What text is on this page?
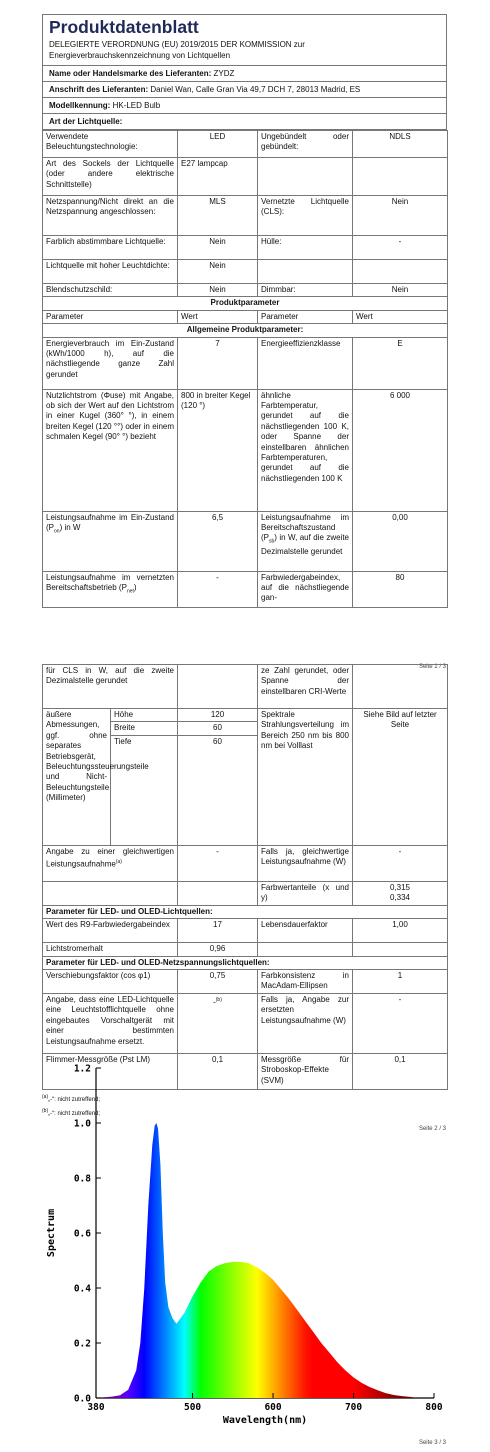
Produktdatenblatt
DELEGIERTE VERORDNUNG (EU) 2019/2015 DER KOMMISSION zur
Energieverbrauchskennzeichnung von Lichtquellen
Name oder Handelsmarke des Lieferanten: ZYDZ
Anschrift des Lieferanten: Daniel Wan, Calle Gran Via 49,7 DCH 7, 28013 Madrid, ES
Modellkennung: HK-LED Bulb
Art der Lichtquelle:
Verwendete Beleuchtungstechnologie:	LED	Ungebündelt oder gebündelt:	NDLS
Art des Sockels der Lichtquelle (oder andere elektrische Schnittstelle)	E27 lampcap		
Netzspannung/Nicht direkt an die Netzspannung angeschlossen:	MLS	Vernetzte Lichtquelle (CLS):	Nein
Farblich abstimmbare Lichtquelle:	Nein	Hülle:	-
Lichtquelle mit hoher Leuchtdichte:	Nein		
Blendschutzschild:	Nein	Dimmbar:	Nein
Produktparameter			
Parameter	Wert	Parameter	Wert
Allgemeine Produktparameter:			
Energieverbrauch im Ein-Zustand (kWh/1000 h), auf die nächstliegende ganze Zahl gerundet	7	Energieeffizienzklasse	E
Nutzlichtstrom (Φuse) mit Angabe, ob sich der Wert auf den Lichtstrom in einer Kugel (360° °), in einem breiten Kegel (120 °°) oder in einem schmalen Kegel (90° °) bezieht	800 in breiter Kegel (120 °)	ähnliche Farbtemperatur, gerundet auf die nächstliegenden 100 K, oder Spanne der einstellbaren ähnlichen Farbtemperaturen, gerundet auf die nächstliegenden 100 K	6 000
Leistungsaufnahme im Ein-Zustand $(P_{on})$ in W	6,5	Leistungsaufnahme im Bereitschaftszustand $(P_{sb})$ in W, auf die zweite Dezimalstelle gerundet	0,00
Leistungsaufnahme im vernetzten Bereitschaftsbetrieb $(P_{net})$	-	Farbwiedergabeindex, auf die nächstliegende gan-	80
Seite 1 / 3
für CLS in W, auf die zweite Dezimalstelle gerundet			ze Zahl gerundet, oder Spanne der einstellbaren CRI-Werte	
äußere Abmessungen, ggf. ohne separates Betriebsgerät, Beleuchtungssteuerungsteile und Nicht-Beleuchtungsteile (Millimeter)	Höhe	120	Spektrale Strahlungsverteilung im Bereich 250 nm bis 800 nm bei Volllast	Siehe Bild auf letzter Seite
	Breite	60		
	Tiefe	60		
Angabe zu einer gleichwertigen Leistungsaufnahme$^{(a)}$		-	Falls ja, gleichwertige Leistungsaufnahme (W)	-
			Farbwertanteile (x und y)	0,315
0,334

Parameter für LED- und OLED-Lichtquellen:				
Wert des R9-Farbwiedergabeindex		17	Lebensdauerfaktor	1,00
Lichtstromerhalt		0,96		
Parameter für LED- und OLED-Netzspannungslichtquellen:				
Verschiebungsfaktor (cos φ1)		0,75	Farbkonsistenz in MacAdam-Ellipsen	1
Angabe, dass eine LED-Lichtquelle eine Leuchtstofflichtquelle ohne eingebautes Vorschaltgerät mit einer bestimmten Leistungsaufnahme ersetzt.		-$^{(b)}$	Falls ja, Angabe zur ersetzten Leistungsaufnahme (W)	-
Flimmer-Messgröße (Pst LM)		0,1	Messgröße für Stroboskop-Effekte (SVM)	0,1
$^{(a)}$„-“: nicht zutreffend;
$^{(b)}$„-“: nicht zutreffend;
Seite 2 / 3
380	500	600	700	800
0.0
0.2
0.4
0.6
0.8
1.0
1.2
Wavelength(nm)
Spectrum
Seite 3 / 3
